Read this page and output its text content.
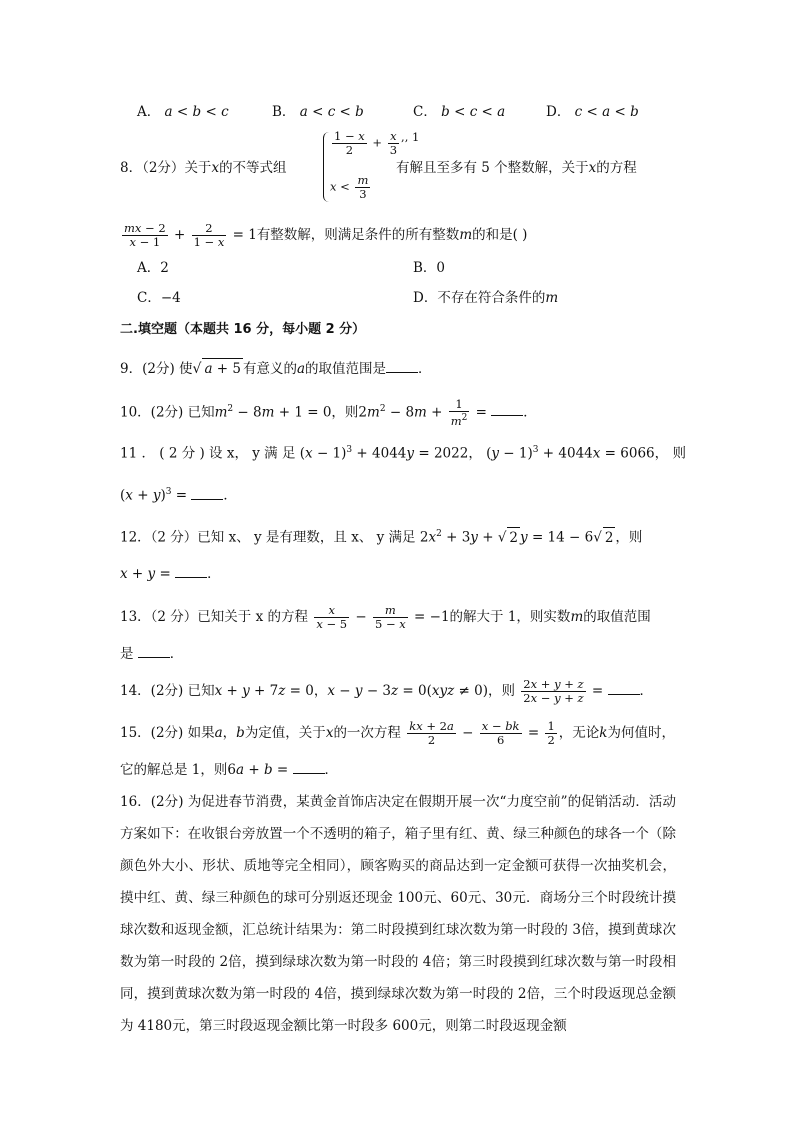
A． a < b < c	B． a < c < b	C． b < c < a	D． c < a < b
8．（2分）关于x的不等式组
$\frac{1 - x}{2} + \frac{x}{3}$ ,, 1
$x < \frac{m}{3}$
有解且至多有 5 个整数解，关于x的方程
$\frac{mx - 2}{x - 1} + \frac{2}{1 - x} = 1$有整数解，则满足条件的所有整数m的和是( )
A．2	B．0
C．−4	D．不存在符合条件的m
二.填空题（本题共 16 分，每小题 2 分）
9．(2分) 使√ a + 5 有意义的a的取值范围是 ．
10．(2分) 已知$m^2 - 8m + 1 = 0$，则$2m^2 - 8m + \frac{1}{m^2}$ = ．
11 ． ( 2 分 ) 设 x， y 满 足 $(x - 1)^3 + 4044y = 2022$， $(y - 1)^3 + 4044x = 6066$， 则
$(x + y)^3$ = ．
12．（2 分）已知 x、 y 是有理数，且 x、 y 满足 $2x^2 + 3y$ + √ 2 y = 14 − 6√ 2 ，则
x + y = ．
13．（2 分）已知关于 x 的方程 $\frac{x}{x - 5} - \frac{m}{5 - x} = -1$的解大于 1，则实数m的取值范围
是	．
14．(2分) 已知x + y + 7z = 0，x − y − 3z = 0(xyz ≠ 0)，则 $\frac{2x + y + z}{2x - y + z}$ = ．
15．(2分) 如果a，b为定值，关于x的一次方程 $\frac{kx + 2a}{2} - \frac{x - bk}{6} = \frac{1}{2}$ ，无论k为何值时，
它的解总是 1，则6a + b = ．
16．(2分) 为促进春节消费，某黄金首饰店决定在假期开展一次“力度空前”的促销活动．活动方案如下：在收银台旁放置一个不透明的箱子，箱子里有红、黄、绿三种颜色的球各一个（除颜色外大小、形状、质地等完全相同），顾客购买的商品达到一定金额可获得一次抽奖机会，摸中红、黄、绿三种颜色的球可分别返还现金 100元、60元、30元．商场分三个时段统计摸球次数和返现金额，汇总统计结果为：第二时段摸到红球次数为第一时段的 3倍，摸到黄球次数为第一时段的 2倍，摸到绿球次数为第一时段的 4倍；第三时段摸到红球次数与第一时段相同，摸到黄球次数为第一时段的 4倍，摸到绿球次数为第一时段的 2倍，三个时段返现总金额为 4180元，第三时段返现金额比第一时段多 600元，则第二时段返现金额
